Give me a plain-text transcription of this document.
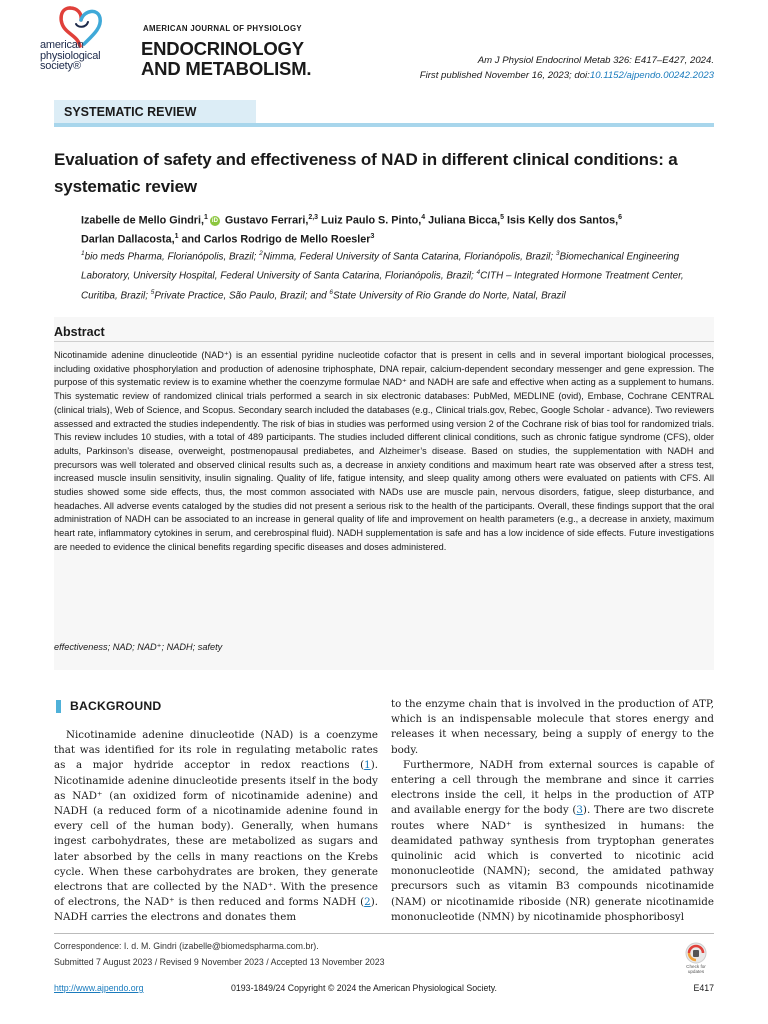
american
physiological
society®
AMERICAN JOURNAL OF PHYSIOLOGY
ENDOCRINOLOGY
AND METABOLISM.	Am J Physiol Endocrinol Metab 326: E417–E427, 2024.
First published November 16, 2023; doi:10.1152/ajpendo.00242.2023
SYSTEMATIC REVIEW
Evaluation of safety and effectiveness of NAD in different clinical conditions: a systematic review
Izabelle de Mello Gindri,$^1$ iD Gustavo Ferrari,$^{2,3}$ Luiz Paulo S. Pinto,$^4$ Juliana Bicca,$^5$ Isis Kelly dos Santos,$^6$
Darlan Dallacosta,$^1$ and Carlos Rodrigo de Mello Roesler$^3$
$^1$bio meds Pharma, Florianópolis, Brazil; $^2$Nimma, Federal University of Santa Catarina, Florianópolis, Brazil; $^3$Biomechanical Engineering Laboratory, University Hospital, Federal University of Santa Catarina, Florianópolis, Brazil; $^4$CITH – Integrated Hormone Treatment Center, Curitiba, Brazil; $^5$Private Practice, São Paulo, Brazil; and $^6$State University of Rio Grande do Norte, Natal, Brazil
Abstract

Nicotinamide adenine dinucleotide (NAD⁺) is an essential pyridine nucleotide cofactor that is present in cells and in several important biological processes, including oxidative phosphorylation and production of adenosine triphosphate, DNA repair, calcium-dependent secondary messenger and gene expression. The purpose of this systematic review is to examine whether the coenzyme formulae NAD⁺ and NADH are safe and effective when acting as a supplement to humans. This systematic review of randomized clinical trials performed a search in six electronic databases: PubMed, MEDLINE (ovid), Embase, Cochrane CENTRAL (clinical trials), Web of Science, and Scopus. Secondary search included the databases (e.g., Clinical trials.gov, Rebec, Google Scholar - advance). Two reviewers assessed and extracted the studies independently. The risk of bias in studies was performed using version 2 of the Cochrane risk of bias tool for randomized trials. This review includes 10 studies, with a total of 489 participants. The studies included different clinical conditions, such as chronic fatigue syndrome (CFS), older adults, Parkinson’s disease, overweight, postmenopausal prediabetes, and Alzheimer’s disease. Based on studies, the supplementation with NADH and precursors was well tolerated and observed clinical results such as, a decrease in anxiety conditions and maximum heart rate was observed after a stress test, increased muscle insulin sensitivity, insulin signaling. Quality of life, fatigue intensity, and sleep quality among others were evaluated on patients with CFS. All studies showed some side effects, thus, the most common associated with NADs use are muscle pain, nervous disorders, fatigue, sleep disturbance, and headaches. All adverse events cataloged by the studies did not present a serious risk to the health of the participants. Overall, these findings support that the oral administration of NADH can be associated to an increase in general quality of life and improvement on health parameters (e.g., a decrease in anxiety, maximum heart rate, inflammatory cytokines in serum, and cerebrospinal fluid). NADH supplementation is safe and has a low incidence of side effects. Future investigations are needed to evidence the clinical benefits regarding specific diseases and doses administered.

effectiveness; NAD; NAD⁺; NADH; safety
BACKGROUND

Nicotinamide adenine dinucleotide (NAD) is a coenzyme that was identified for its role in regulating metabolic rates as a major hydride acceptor in redox reactions (1). Nicotinamide adenine dinucleotide presents itself in the body as NAD⁺ (an oxidized form of nicotinamide adenine) and NADH (a reduced form of a nicotinamide adenine found in every cell of the human body). Generally, when humans ingest carbohydrates, these are metabolized as sugars and later absorbed by the cells in many reactions on the Krebs cycle. When these carbohydrates are broken, they generate electrons that are collected by the NAD⁺. With the presence of electrons, the NAD⁺ is then reduced and forms NADH (2). NADH carries the electrons and donates them

to the enzyme chain that is involved in the production of ATP, which is an indispensable molecule that stores energy and releases it when necessary, being a supply of energy to the body.

Furthermore, NADH from external sources is capable of entering a cell through the membrane and since it carries electrons inside the cell, it helps in the production of ATP and available energy for the body (3). There are two discrete routes where NAD⁺ is synthesized in humans: the deamidated pathway synthesis from tryptophan generates quinolinic acid which is converted to nicotinic acid mononucleotide (NAMN); second, the amidated pathway precursors such as vitamin B3 compounds nicotinamide (NAM) or nicotinamide riboside (NR) generate nicotinamide mononucleotide (NMN) by nicotinamide phosphoribosyl

Correspondence: I. d. M. Gindri (izabelle@biomedspharma.com.br).
Submitted 7 August 2023 / Revised 9 November 2023 / Accepted 13 November 2023	Check for updates
http://www.ajpendo.org	0193-1849/24 Copyright © 2024 the American Physiological Society.	E417
